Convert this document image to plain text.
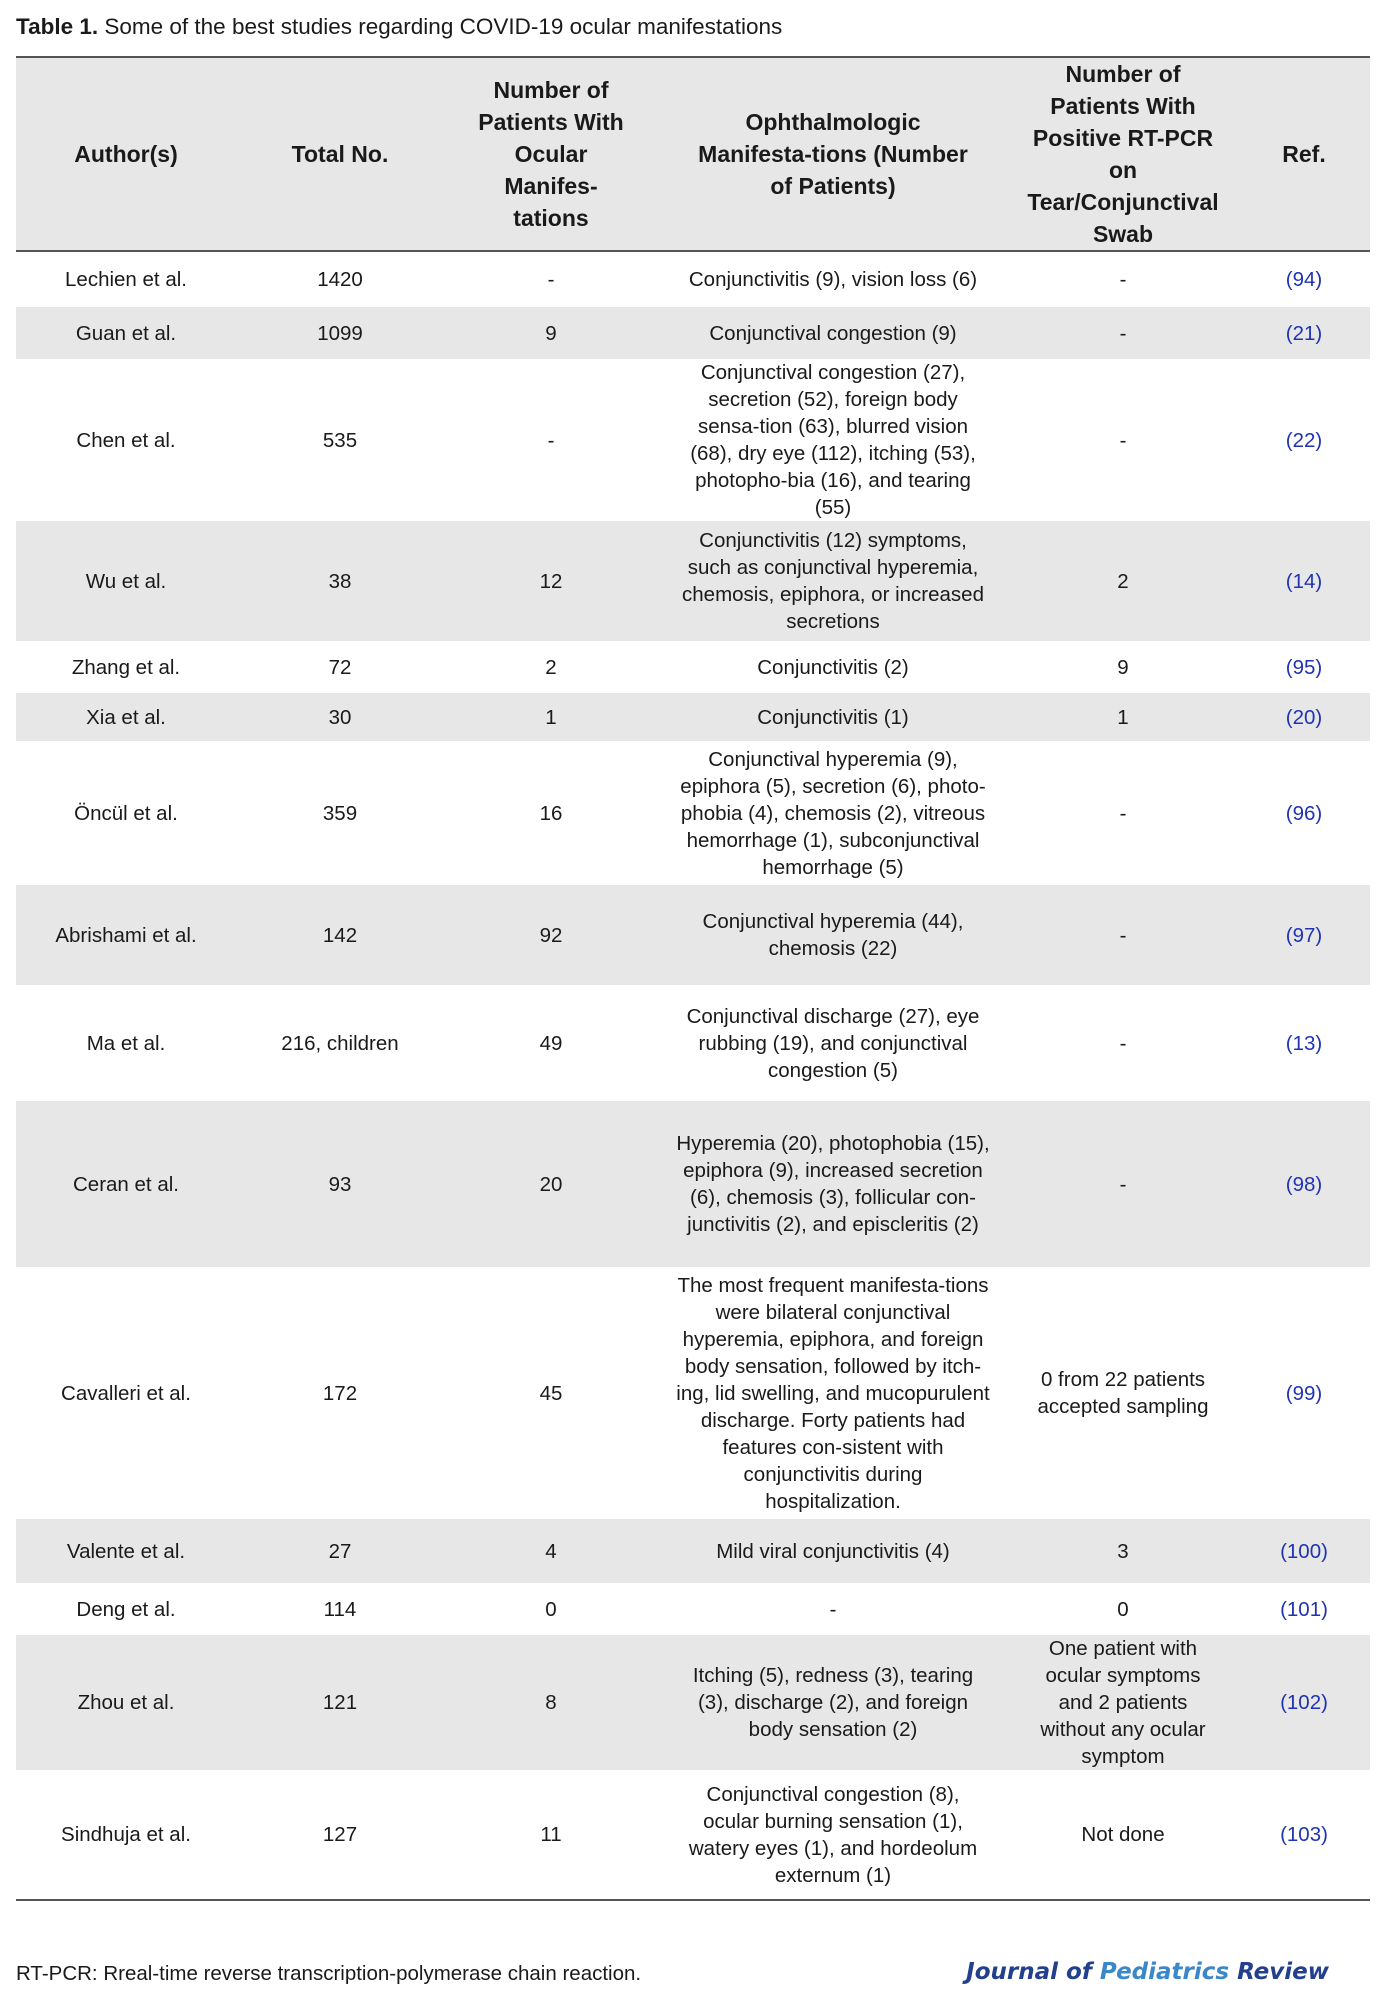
Table 1. Some of the best studies regarding COVID-19 ocular manifestations
Author(s)	Total No.	Number of Patients With Ocular Manifes-tations	Ophthalmologic Manifesta-tions (Number of Patients)	Number of Patients With Positive RT-PCR on Tear/Conjunctival Swab	Ref.
Lechien et al.	1420	-	Conjunctivitis (9), vision loss (6)	-	(94)
Guan et al.	1099	9	Conjunctival congestion (9)	-	(21)
Chen et al.	535	-	Conjunctival congestion (27), secretion (52), foreign body sensa-tion (63), blurred vision (68), dry eye (112), itching (53), photopho-bia (16), and tearing (55)	-	(22)
Wu et al.	38	12	Conjunctivitis (12) symptoms, such as conjunctival hyperemia, chemosis, epiphora, or increased secretions	2	(14)
Zhang et al.	72	2	Conjunctivitis (2)	9	(95)
Xia et al.	30	1	Conjunctivitis (1)	1	(20)
Öncül et al.	359	16	Conjunctival hyperemia (9), epiphora (5), secretion (6), photo-phobia (4), chemosis (2), vitreous hemorrhage (1), subconjunctival hemorrhage (5)	-	(96)
Abrishami et al.	142	92	Conjunctival hyperemia (44), chemosis (22)	-	(97)
Ma et al.	216, children	49	Conjunctival discharge (27), eye rubbing (19), and conjunctival congestion (5)	-	(13)
Ceran et al.	93	20	Hyperemia (20), photophobia (15), epiphora (9), increased secretion (6), chemosis (3), follicular con-junctivitis (2), and episcleritis (2)	-	(98)
Cavalleri et al.	172	45	The most frequent manifesta-tions were bilateral conjunctival hyperemia, epiphora, and foreign body sensation, followed by itch-ing, lid swelling, and mucopurulent discharge. Forty patients had features con-sistent with conjunctivitis during hospitalization.	0 from 22 patients accepted sampling	(99)
Valente et al.	27	4	Mild viral conjunctivitis (4)	3	(100)
Deng et al.	114	0	-	0	(101)
Zhou et al.	121	8	Itching (5), redness (3), tearing (3), discharge (2), and foreign body sensation (2)	One patient with ocular symptoms and 2 patients without any ocular symptom	(102)
Sindhuja et al.	127	11	Conjunctival congestion (8), ocular burning sensation (1), watery eyes (1), and hordeolum externum (1)	Not done	(103)
RT-PCR: Rreal-time reverse transcription-polymerase chain reaction.	Journal of Pediatrics Review
